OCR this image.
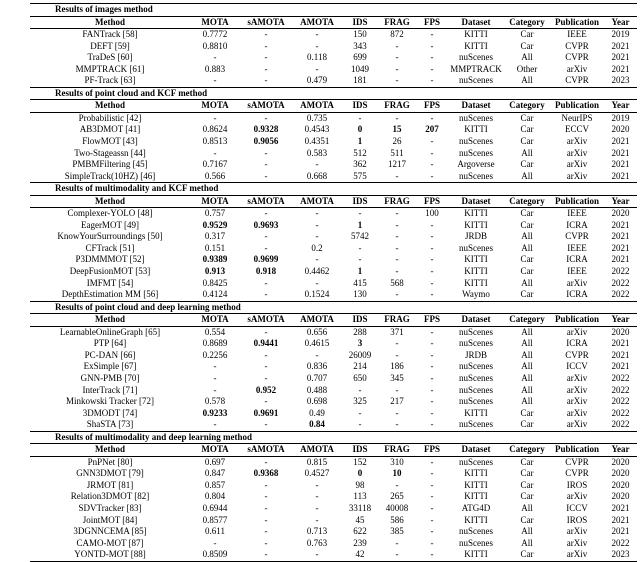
Results of images method										
Method	MOTA	sAMOTA	AMOTA	IDS	FRAG	FPS	Dataset	Category	Publication	Year
FANTrack [58]	0.7772	-	-	150	872	-	KITTI	Car	IEEE	2019
DEFT [59]	0.8810	-	-	343	-	-	KITTI	Car	CVPR	2021
TraDeS [60]	-	-	0.118	699	-	-	nuScenes	All	CVPR	2021
MMPTRACK [61]	0.883	-	-	1049	-	-	MMPTRACK	Other	arXiv	2021
PF-Track [63]	-	-	0.479	181	-	-	nuScenes	All	CVPR	2023
Results of point cloud and KCF method										
Method	MOTA	sAMOTA	AMOTA	IDS	FRAG	FPS	Dataset	Category	Publication	Year
Probabilistic [42]	-	-	0.735	-	-	-	nuScenes	Car	NeurIPS	2019
AB3DMOT [41]	0.8624	0.9328	0.4543	0	15	207	KITTI	Car	ECCV	2020
FlowMOT [43]	0.8513	0.9056	0.4351	1	26	-	nuScenes	Car	arXiv	2021
Two-Stageassn [44]	-	-	0.583	512	511	-	nuScenes	All	arXiv	2021
PMBMFiltering [45]	0.7167	-	-	362	1217	-	Argoverse	Car	arXiv	2021
SimpleTrack(10HZ) [46]	0.566	-	0.668	575	-	-	nuScenes	All	arXiv	2021
Results of multimodality and KCF method										
Method	MOTA	sAMOTA	AMOTA	IDS	FRAG	FPS	Dataset	Category	Publication	Year
Complexer-YOLO [48]	0.757	-	-	-	-	100	KITTI	Car	IEEE	2020
EagerMOT [49]	0.9529	0.9693	-	1	-	-	KITTI	Car	ICRA	2021
KnowYourSurroundings [50]	0.317	-	-	5742	-	-	JRDB	All	CVPR	2021
CFTrack [51]	0.151	-	0.2	-	-	-	nuScenes	All	IEEE	2021
P3DMMMOT [52]	0.9389	0.9699	-	-	-	-	KITTI	Car	ICRA	2021
DeepFusionMOT [53]	0.913	0.918	0.4462	1	-	-	KITTI	Car	IEEE	2022
IMFMT [54]	0.8425	-	-	415	568	-	KITTI	All	arXiv	2022
DepthEstimation MM [56]	0.4124	-	0.1524	130	-	-	Waymo	Car	ICRA	2022
Results of point cloud and deep learning method										
Method	MOTA	sAMOTA	AMOTA	IDS	FRAG	FPS	Dataset	Category	Publication	Year
LearnableOnlineGraph [65]	0.554	-	0.656	288	371	-	nuScenes	All	arXiv	2020
PTP [64]	0.8689	0.9441	0.4615	3	-	-	nuScenes	All	ICRA	2021
PC-DAN [66]	0.2256	-	-	26009	-	-	JRDB	All	CVPR	2021
ExSimple [67]	-	-	0.836	214	186	-	nuScenes	All	ICCV	2021
GNN-PMB [70]	-	-	0.707	650	345	-	nuScenes	All	arXiv	2022
InterTrack [71]	-	0.952	0.488	-	-	-	nuScenes	All	arXiv	2022
Minkowski Tracker [72]	0.578	-	0.698	325	217	-	nuScenes	All	arXiv	2022
3DMODT [74]	0.9233	0.9691	0.49	-	-	-	KITTI	Car	arXiv	2022
ShaSTA [73]	-	-	0.84	-	-	-	nuScenes	Car	arXiv	2022
Results of multimodality and deep learning method										
Method	MOTA	sAMOTA	AMOTA	IDS	FRAG	FPS	Dataset	Category	Publication	Year
PnPNet [80]	0.697	-	0.815	152	310	-	nuScenes	Car	CVPR	2020
GNN3DMOT [79]	0.847	0.9368	0.4527	0	10	-	KITTI	Car	CVPR	2020
JRMOT [81]	0.857	-	-	98	-	-	KITTI	Car	IROS	2020
Relation3DMOT [82]	0.804	-	-	113	265	-	KITTI	Car	arXiv	2020
SDVTracker [83]	0.6944	-	-	33118	40008	-	ATG4D	All	ICCV	2021
JointMOT [84]	0.8577	-	-	45	586	-	KITTI	Car	IROS	2021
3DGNNCEMA [85]	0.611	-	0.713	622	385	-	nuScenes	All	arXiv	2021
CAMO-MOT [87]	-	-	0.763	239	-	-	nuScenes	All	arXiv	2022
YONTD-MOT [88]	0.8509	-	-	42	-	-	KITTI	Car	arXiv	2023
